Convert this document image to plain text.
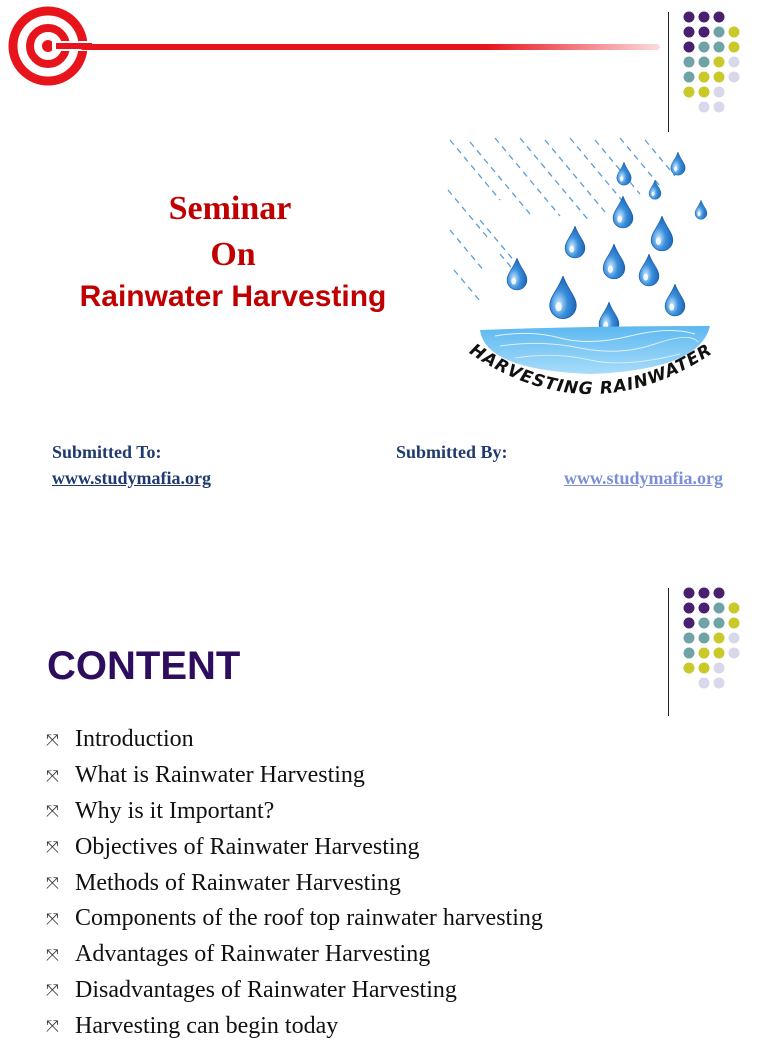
Seminar
On
Rainwater Harvesting
HARVESTING RAINWATER
Submitted To:
www.studymafia.org
Submitted By:
www.studymafia.org
CONTENT
⤧ Introduction
⤧ What is Rainwater Harvesting
⤧ Why is it Important?
⤧ Objectives of Rainwater Harvesting
⤧ Methods of Rainwater Harvesting
⤧ Components of the roof top rainwater harvesting
⤧ Advantages of Rainwater Harvesting
⤧ Disadvantages of Rainwater Harvesting
⤧ Harvesting can begin today
